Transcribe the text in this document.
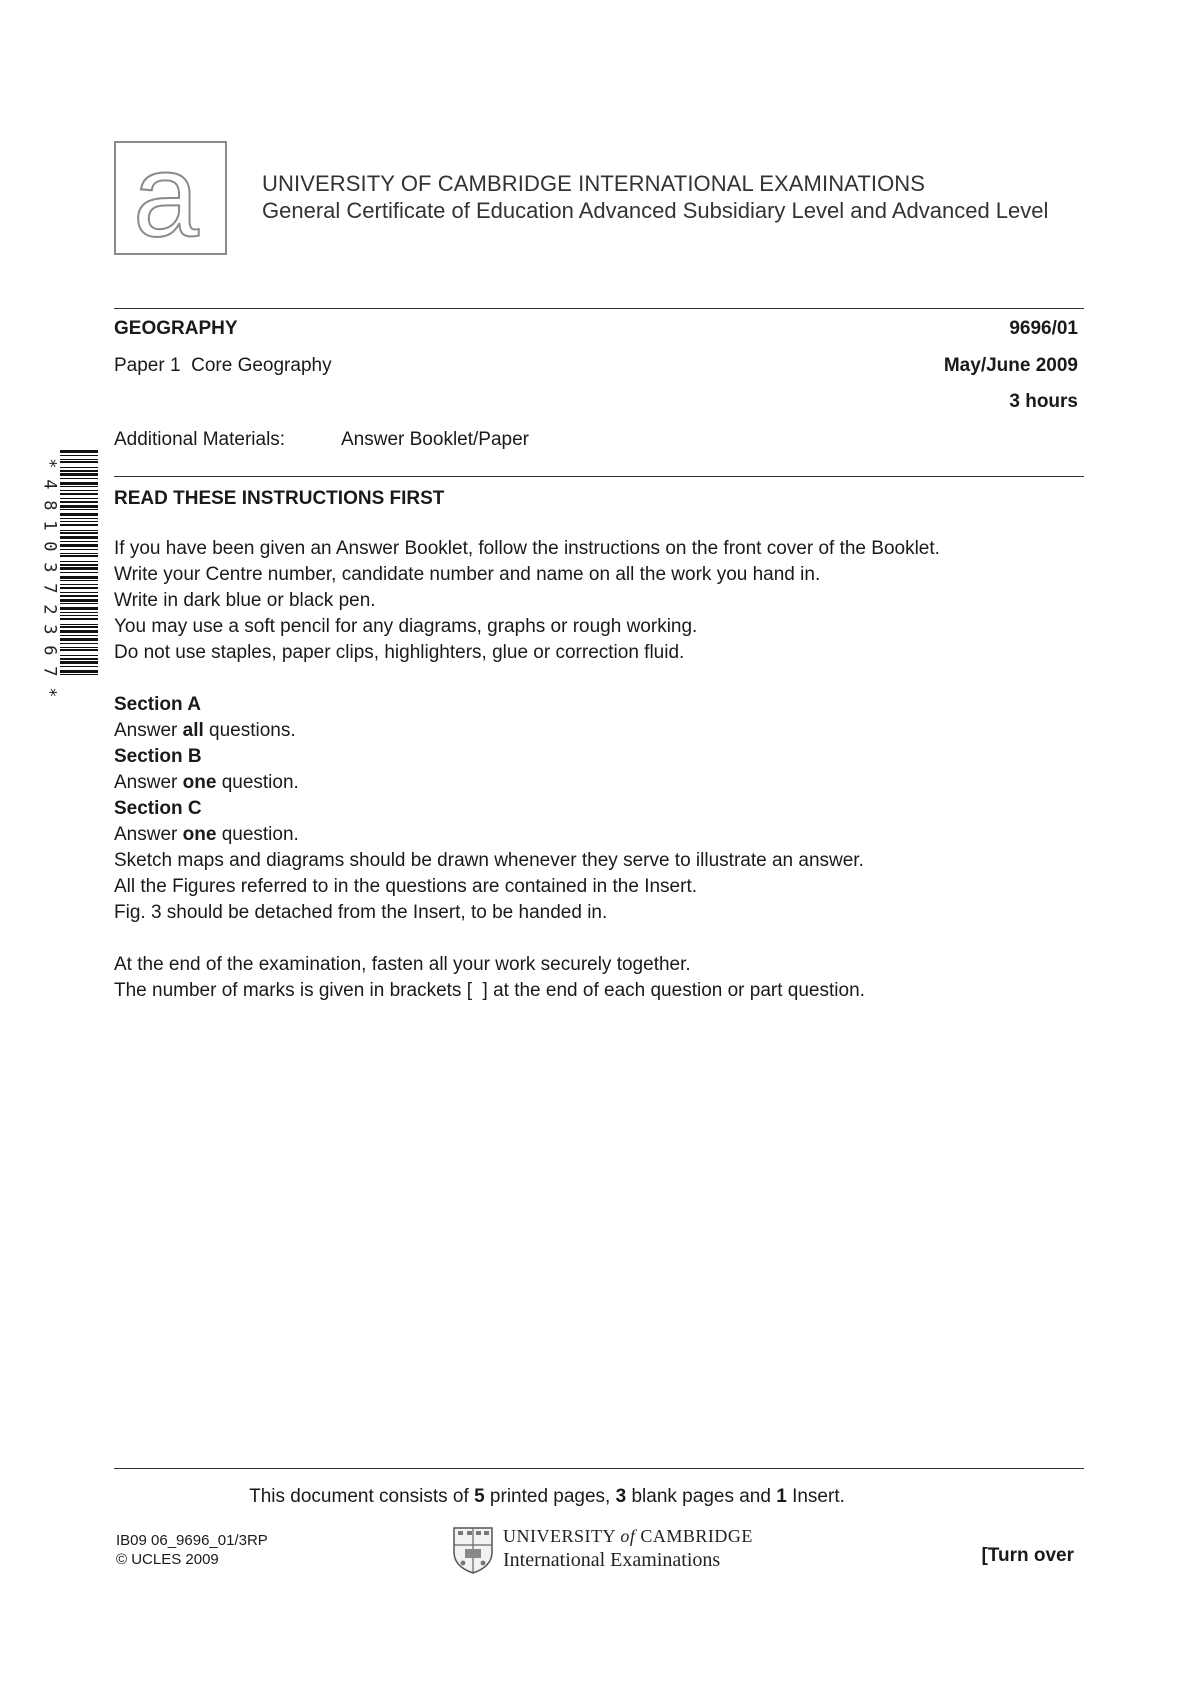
a	UNIVERSITY OF CAMBRIDGE INTERNATIONAL EXAMINATIONS
General Certificate of Education Advanced Subsidiary Level and Advanced Level
GEOGRAPHY	9696/01
Paper 1  Core Geography	May/June 2009
3 hours
Additional Materials:	Answer Booklet/Paper
*
4
8
1
0
3
7
2
3
6
7
*
READ THESE INSTRUCTIONS FIRST
If you have been given an Answer Booklet, follow the instructions on the front cover of the Booklet.
Write your Centre number, candidate number and name on all the work you hand in.
Write in dark blue or black pen.
You may use a soft pencil for any diagrams, graphs or rough working.
Do not use staples, paper clips, highlighters, glue or correction fluid.
Section A
Answer all questions.
Section B
Answer one question.
Section C
Answer one question.
Sketch maps and diagrams should be drawn whenever they serve to illustrate an answer.
All the Figures referred to in the questions are contained in the Insert.
Fig. 3 should be detached from the Insert, to be handed in.
At the end of the examination, fasten all your work securely together.
The number of marks is given in brackets [  ] at the end of each question or part question.
This document consists of 5 printed pages, 3 blank pages and 1 Insert.
IB09 06_9696_01/3RP
© UCLES 2009
UNIVERSITY of CAMBRIDGE
International Examinations	[Turn over
